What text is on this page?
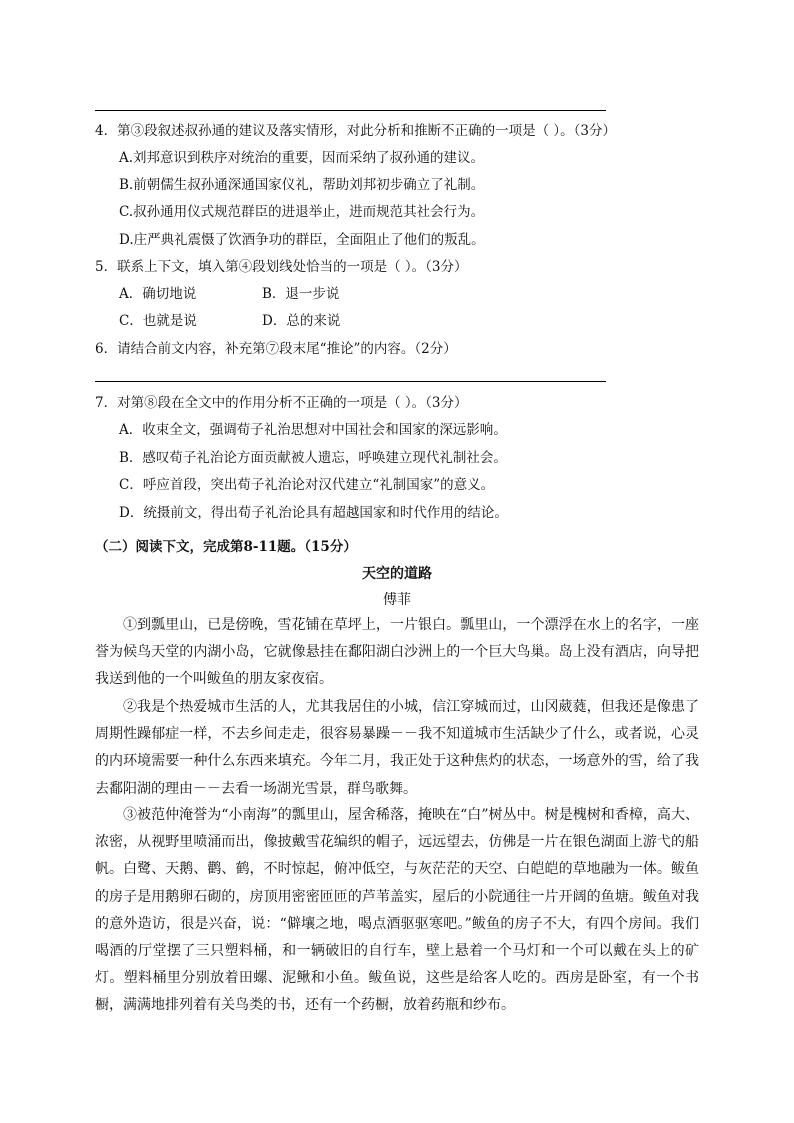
4．第③段叙述叔孙通的建议及落实情形，对此分析和推断不正确的一项是（ ）。（3分）
A.刘邦意识到秩序对统治的重要，因而采纳了叔孙通的建议。
B.前朝儒生叔孙通深通国家仪礼，帮助刘邦初步确立了礼制。
C.叔孙通用仪式规范群臣的进退举止，进而规范其社会行为。
D.庄严典礼震慑了饮酒争功的群臣，全面阻止了他们的叛乱。
5．联系上下文，填入第④段划线处恰当的一项是（ ）。（3分）
A．确切地说	B．退一步说
C．也就是说	D．总的来说
6．请结合前文内容，补充第⑦段末尾“推论”的内容。（2分）
7．对第⑧段在全文中的作用分析不正确的一项是（ ）。（3分）
A．收束全文，强调荀子礼治思想对中国社会和国家的深远影响。
B．感叹荀子礼治论方面贡献被人遗忘，呼唤建立现代礼制社会。
C．呼应首段，突出荀子礼治论对汉代建立“礼制国家”的意义。
D．统摄前文，得出荀子礼治论具有超越国家和时代作用的结论。
（二）阅读下文，完成第8-11题。（15分）
天空的道路
傅菲

①到瓢里山，已是傍晚，雪花铺在草坪上，一片银白。瓢里山，一个漂浮在水上的名字，一座誉为候鸟天堂的内湖小岛，它就像悬挂在鄱阳湖白沙洲上的一个巨大鸟巢。岛上没有酒店，向导把我送到他的一个叫鲅鱼的朋友家夜宿。

②我是个热爱城市生活的人，尤其我居住的小城，信江穿城而过，山冈葳蕤，但我还是像患了周期性躁郁症一样，不去乡间走走，很容易暴躁－－我不知道城市生活缺少了什么，或者说，心灵的内环境需要一种什么东西来填充。今年二月，我正处于这种焦灼的状态，一场意外的雪，给了我去鄱阳湖的理由－－去看一场湖光雪景，群鸟歌舞。

③被范仲淹誉为“小南海”的瓢里山，屋舍稀落，掩映在“白”树丛中。树是槐树和香樟，高大、浓密，从视野里喷涌而出，像披戴雪花编织的帽子，远远望去，仿佛是一片在银色湖面上游弋的船帆。白鹭、天鹅、鹳、鹤，不时惊起，俯冲低空，与灰茫茫的天空、白皑皑的草地融为一体。鲅鱼的房子是用鹅卵石砌的，房顶用密密匝匝的芦苇盖实，屋后的小院通往一片开阔的鱼塘。鲅鱼对我的意外造访，很是兴奋，说：“僻壤之地，喝点酒驱驱寒吧。”鲅鱼的房子不大，有四个房间。我们喝酒的厅堂摆了三只塑料桶，和一辆破旧的自行车，壁上悬着一个马灯和一个可以戴在头上的矿灯。塑料桶里分别放着田螺、泥鳅和小鱼。鲅鱼说，这些是给客人吃的。西房是卧室，有一个书橱，满满地排列着有关鸟类的书，还有一个药橱，放着药瓶和纱布。
